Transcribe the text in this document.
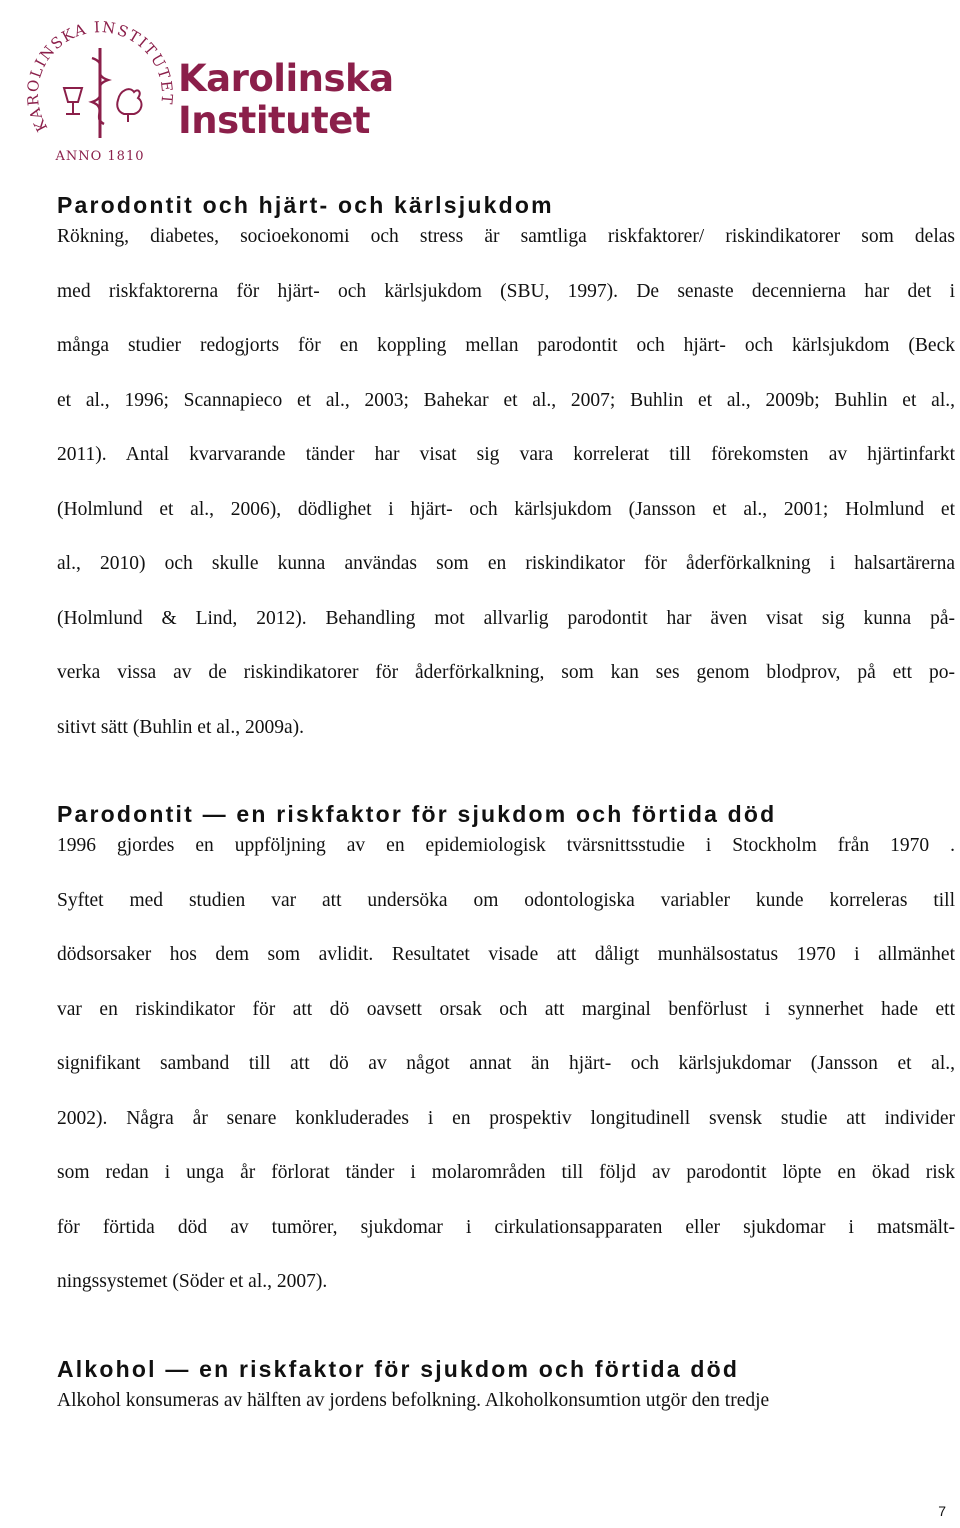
KAROLINSKA INSTITUTET
ANNO 1810
Karolinska
Institutet
Parodontit och hjärt- och kärlsjukdom
Rökning, diabetes, socioekonomi och stress är samtliga riskfaktorer/ riskindikatorer som delas
med riskfaktorerna för hjärt- och kärlsjukdom (SBU, 1997). De senaste decennierna har det i
många studier redogjorts för en koppling mellan parodontit och hjärt- och kärlsjukdom (Beck
et al., 1996; Scannapieco et al., 2003; Bahekar et al., 2007; Buhlin et al., 2009b; Buhlin et al.,
2011). Antal kvarvarande tänder har visat sig vara korrelerat till förekomsten av hjärtinfarkt
(Holmlund et al., 2006), dödlighet i hjärt- och kärlsjukdom (Jansson et al., 2001; Holmlund et
al., 2010) och skulle kunna användas som en riskindikator för åderförkalkning i halsartärerna
(Holmlund & Lind, 2012). Behandling mot allvarlig parodontit har även visat sig kunna på-
verka vissa av de riskindikatorer för åderförkalkning, som kan ses genom blodprov, på ett po-
sitivt sätt (Buhlin et al., 2009a).
Parodontit — en riskfaktor för sjukdom och förtida död
1996 gjordes en uppföljning av en epidemiologisk tvärsnittsstudie i Stockholm från 1970 .
Syftet med studien var att undersöka om odontologiska variabler kunde korreleras till
dödsorsaker hos dem som avlidit. Resultatet visade att dåligt munhälsostatus 1970 i allmänhet
var en riskindikator för att dö oavsett orsak och att marginal benförlust i synnerhet hade ett
signifikant samband till att dö av något annat än hjärt- och kärlsjukdomar (Jansson et al.,
2002). Några år senare konkluderades i en prospektiv longitudinell svensk studie att individer
som redan i unga år förlorat tänder i molarområden till följd av parodontit löpte en ökad risk
för förtida död av tumörer, sjukdomar i cirkulationsapparaten eller sjukdomar i matsmält-
ningssystemet (Söder et al., 2007).
Alkohol — en riskfaktor för sjukdom och förtida död
Alkohol konsumeras av hälften av jordens befolkning. Alkoholkonsumtion utgör den tredje
7
